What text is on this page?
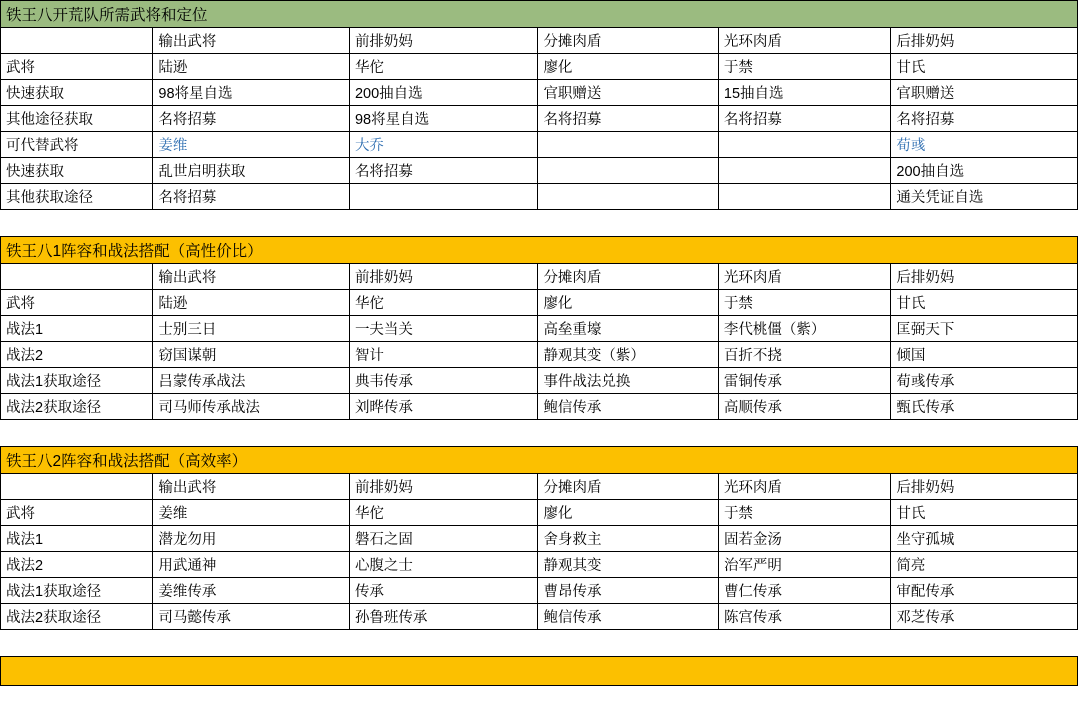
铁王八开荒队所需武将和定位					
	输出武将	前排奶妈	分摊肉盾	光环肉盾	后排奶妈
武将	陆逊	华佗	廖化	于禁	甘氏
快速获取	98将星自选	200抽自选	官职赠送	15抽自选	官职赠送
其他途径获取	名将招募	98将星自选	名将招募	名将招募	名将招募
可代替武将	姜维	大乔			荀彧
快速获取	乱世启明获取	名将招募			200抽自选
其他获取途径	名将招募				通关凭证自选
铁王八1阵容和战法搭配（高性价比）					
	输出武将	前排奶妈	分摊肉盾	光环肉盾	后排奶妈
武将	陆逊	华佗	廖化	于禁	甘氏
战法1	士别三日	一夫当关	高垒重壕	李代桃僵（紫）	匡弼天下
战法2	窃国谋朝	智计	静观其变（紫）	百折不挠	倾国
战法1获取途径	吕蒙传承战法	典韦传承	事件战法兑换	雷铜传承	荀彧传承
战法2获取途径	司马师传承战法	刘晔传承	鲍信传承	高顺传承	甄氏传承
铁王八2阵容和战法搭配（高效率）					
	输出武将	前排奶妈	分摊肉盾	光环肉盾	后排奶妈
武将	姜维	华佗	廖化	于禁	甘氏
战法1	潜龙勿用	磐石之固	舍身救主	固若金汤	坐守孤城
战法2	用武通神	心腹之士	静观其变	治军严明	简亮
战法1获取途径	姜维传承	传承	曹昂传承	曹仁传承	审配传承
战法2获取途径	司马懿传承	孙鲁班传承	鲍信传承	陈宫传承	邓芝传承
